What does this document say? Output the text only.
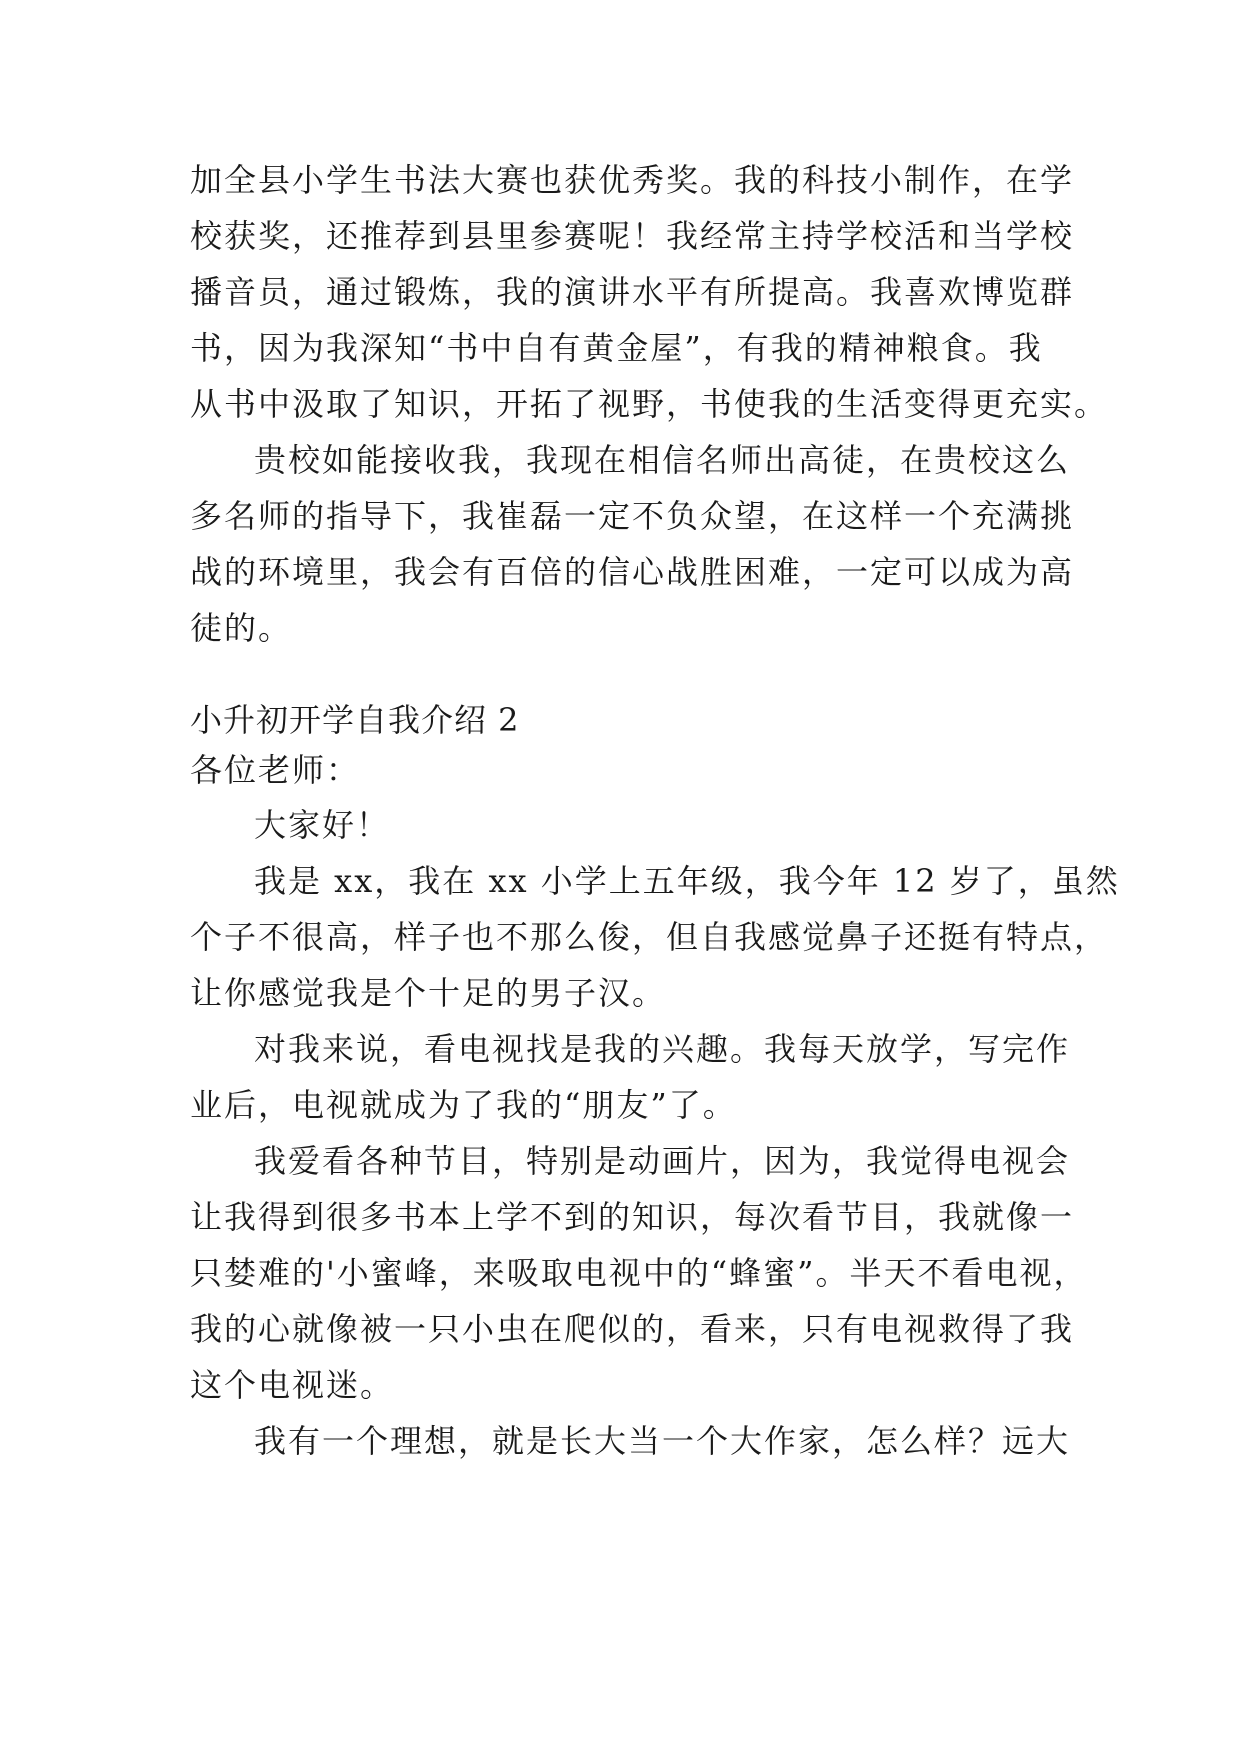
加全县小学生书法大赛也获优秀奖。我的科技小制作，在学
校获奖，还推荐到县里参赛呢！我经常主持学校活和当学校
播音员，通过锻炼，我的演讲水平有所提高。我喜欢博览群
书，因为我深知“书中自有黄金屋”，有我的精神粮食。我
从书中汲取了知识，开拓了视野，书使我的生活变得更充实。
贵校如能接收我，我现在相信名师出高徒，在贵校这么
多名师的指导下，我崔磊一定不负众望，在这样一个充满挑
战的环境里，我会有百倍的信心战胜困难，一定可以成为高
徒的。
小升初开学自我介绍 2
各位老师：
大家好！
我是 xx，我在 xx 小学上五年级，我今年 12 岁了，虽然
个子不很高，样子也不那么俊，但自我感觉鼻子还挺有特点，
让你感觉我是个十足的男子汉。
对我来说，看电视找是我的兴趣。我每天放学，写完作
业后，电视就成为了我的“朋友”了。
我爱看各种节目，特别是动画片，因为，我觉得电视会
让我得到很多书本上学不到的知识，每次看节目，我就像一
只婪难的'小蜜峰，来吸取电视中的“蜂蜜”。半天不看电视，
我的心就像被一只小虫在爬似的，看来，只有电视救得了我
这个电视迷。
我有一个理想，就是长大当一个大作家，怎么样？远大
